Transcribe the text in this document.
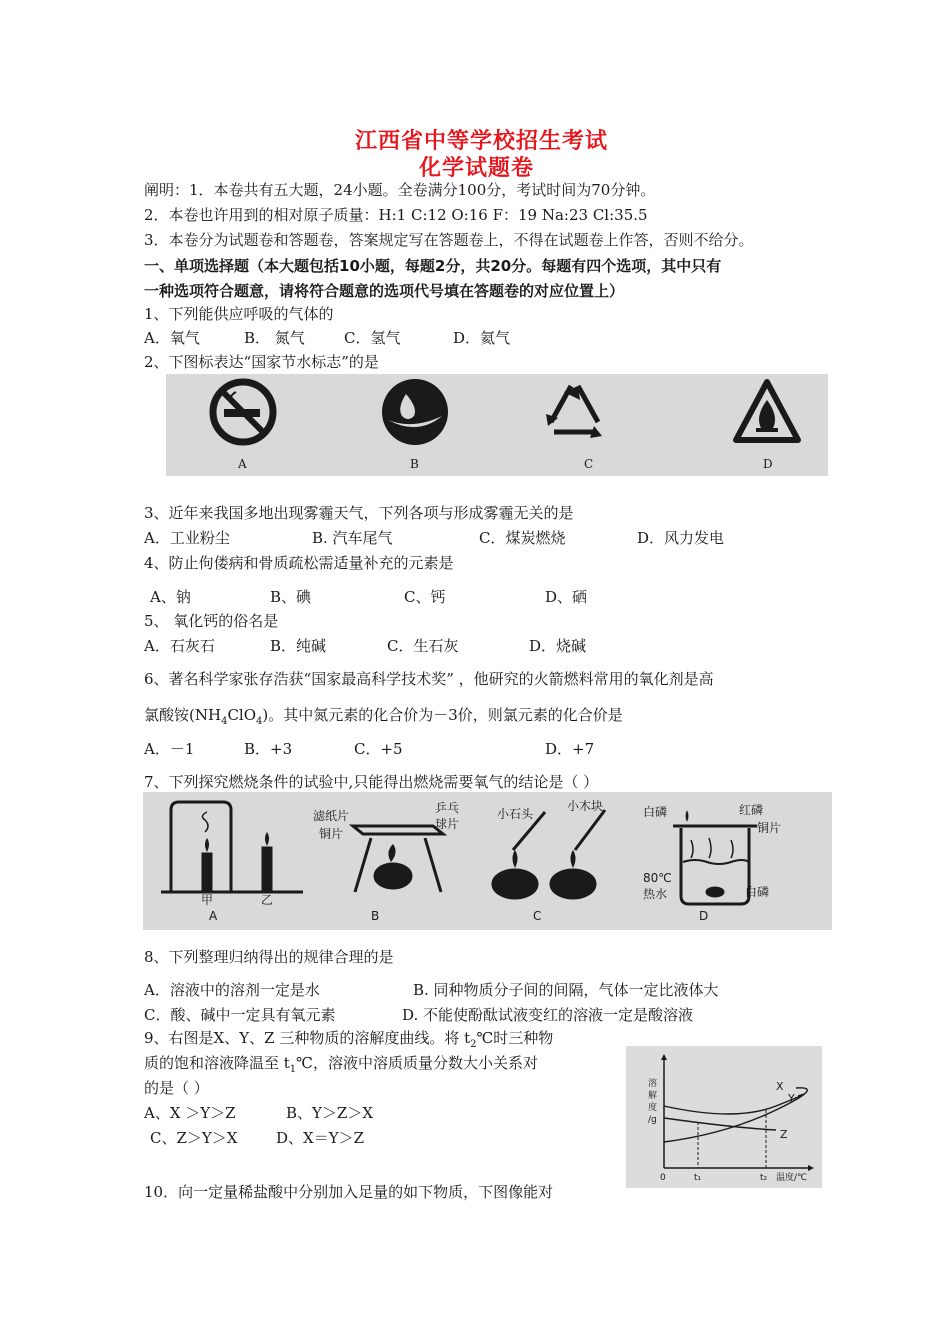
江西省中等学校招生考试
化学试题卷
阐明：1．本卷共有五大题，24小题。全卷满分100分，考试时间为70分钟。
2．本卷也许用到的相对原子质量：H:1 C:12 O:16 F：19 Na:23 Cl:35.5
3．本卷分为试题卷和答题卷，答案规定写在答题卷上，不得在试题卷上作答，否则不给分。
一、单项选择题（本大题包括10小题，每题2分，共20分。每题有四个选项，其中只有
一种选项符合题意，请将符合题意的选项代号填在答题卷的对应位置上）
1、下列能供应呼吸的气体的
A．氧气	B． 氮气	C．氢气	D．氦气
2、下图标表达“国家节水标志”的是
A	B	C	D
3、近年来我国多地出现雾霾天气，下列各项与形成雾霾无关的是
A．工业粉尘	B. 汽车尾气	C．煤炭燃烧	D．风力发电
4、防止佝偻病和骨质疏松需适量补充的元素是
A、钠	B、碘	C、钙	D、硒
5、 氧化钙的俗名是
A．石灰石	B．纯碱	C．生石灰	D．烧碱
6、著名科学家张存浩获“国家最高科学技术奖” ，他研究的火箭燃料常用的氧化剂是高
氯酸铵$(NH_4ClO_4)$。其中氮元素的化合价为－3价，则氯元素的化合价是
A．－1	B．+3	C．+5	D．+7
7、下列探究燃烧条件的试验中,只能得出燃烧需要氧气的结论是（ ）
甲	乙
A
滤纸片
铜片
乒乓
球片
B
小石头
小木块
C
白磷	红磷
铜片
80℃
热水	白磷
D
8、下列整理归纳得出的规律合理的是
A．溶液中的溶剂一定是水	B. 同种物质分子间的间隔，气体一定比液体大
C．酸、碱中一定具有氧元素	D. 不能使酚酞试液变红的溶液一定是酸溶液
9、右图是X、Y、Z 三种物质的溶解度曲线。将 $t_2℃$时三种物
质的饱和溶液降温至 $t_1℃$，溶液中溶质质量分数大小关系对
的是（ ）
A、X ＞Y＞Z	B、Y＞Z＞X
C、Z＞Y＞X	D、X＝Y＞Z
溶
解
度
/g
X
Y
Z
0	t₁	t₂ 温度/℃
10．向一定量稀盐酸中分别加入足量的如下物质，下图像能对
